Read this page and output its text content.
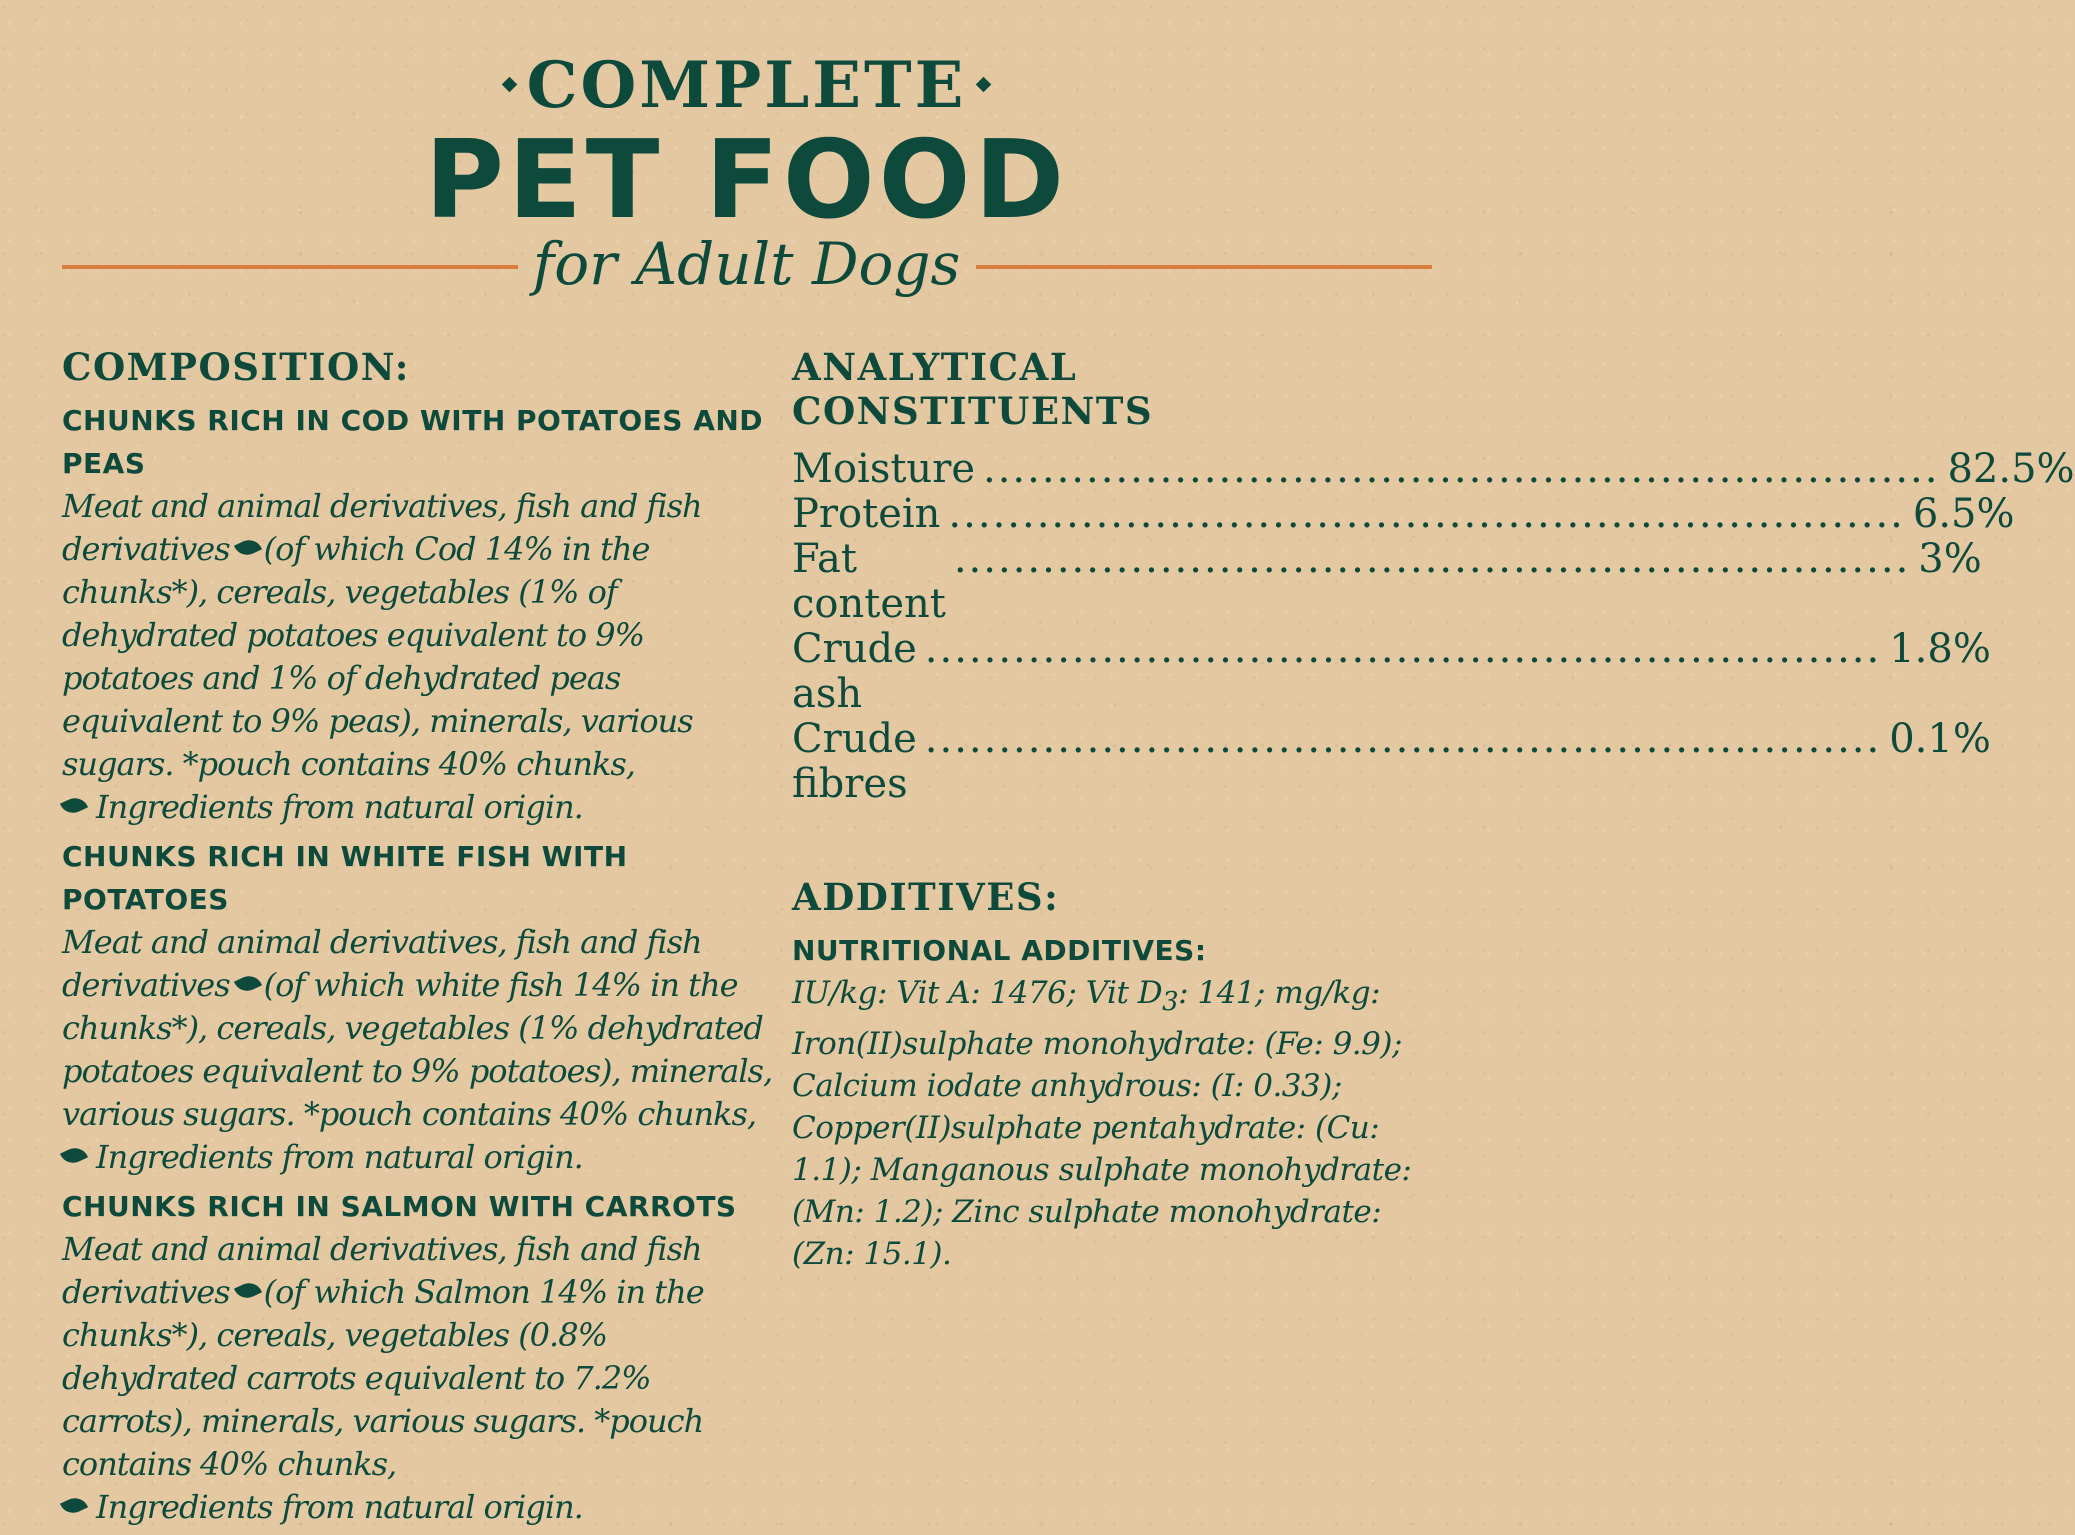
COMPLETE
PET FOOD
for Adult Dogs
COMPOSITION:
CHUNKS RICH IN COD WITH POTATOES AND PEAS
Meat and animal derivatives, fish and fish derivatives (of which Cod 14% in the chunks*), cereals, vegetables (1% of dehydrated potatoes equivalent to 9% potatoes and 1% of dehydrated peas equivalent to 9% peas), minerals, various sugars. *pouch contains 40% chunks,
Ingredients from natural origin.
CHUNKS RICH IN WHITE FISH WITH POTATOES
Meat and animal derivatives, fish and fish derivatives (of which white fish 14% in the chunks*), cereals, vegetables (1% dehydrated potatoes equivalent to 9% potatoes), minerals, various sugars. *pouch contains 40% chunks,
Ingredients from natural origin.
CHUNKS RICH IN SALMON WITH CARROTS
Meat and animal derivatives, fish and fish derivatives (of which Salmon 14% in the chunks*), cereals, vegetables (0.8% dehydrated carrots equivalent to 7.2% carrots), minerals, various sugars. *pouch contains 40% chunks,
Ingredients from natural origin.
ANALYTICAL
CONSTITUENTS
Moisture ................................................................. 82.5%
Protein ................................................................. 6.5%
Fat content
................................................................. 3%
Crude ash
................................................................. 1.8%
Crude fibres
................................................................. 0.1%
ADDITIVES:
NUTRITIONAL ADDITIVES:
IU/kg: Vit A: 1476; Vit $D_3$: 141; mg/kg: Iron(II)sulphate monohydrate: (Fe: 9.9); Calcium iodate anhydrous: (I: 0.33); Copper(II)sulphate pentahydrate: (Cu: 1.1); Manganous sulphate monohydrate: (Mn: 1.2); Zinc sulphate monohydrate: (Zn: 15.1).
